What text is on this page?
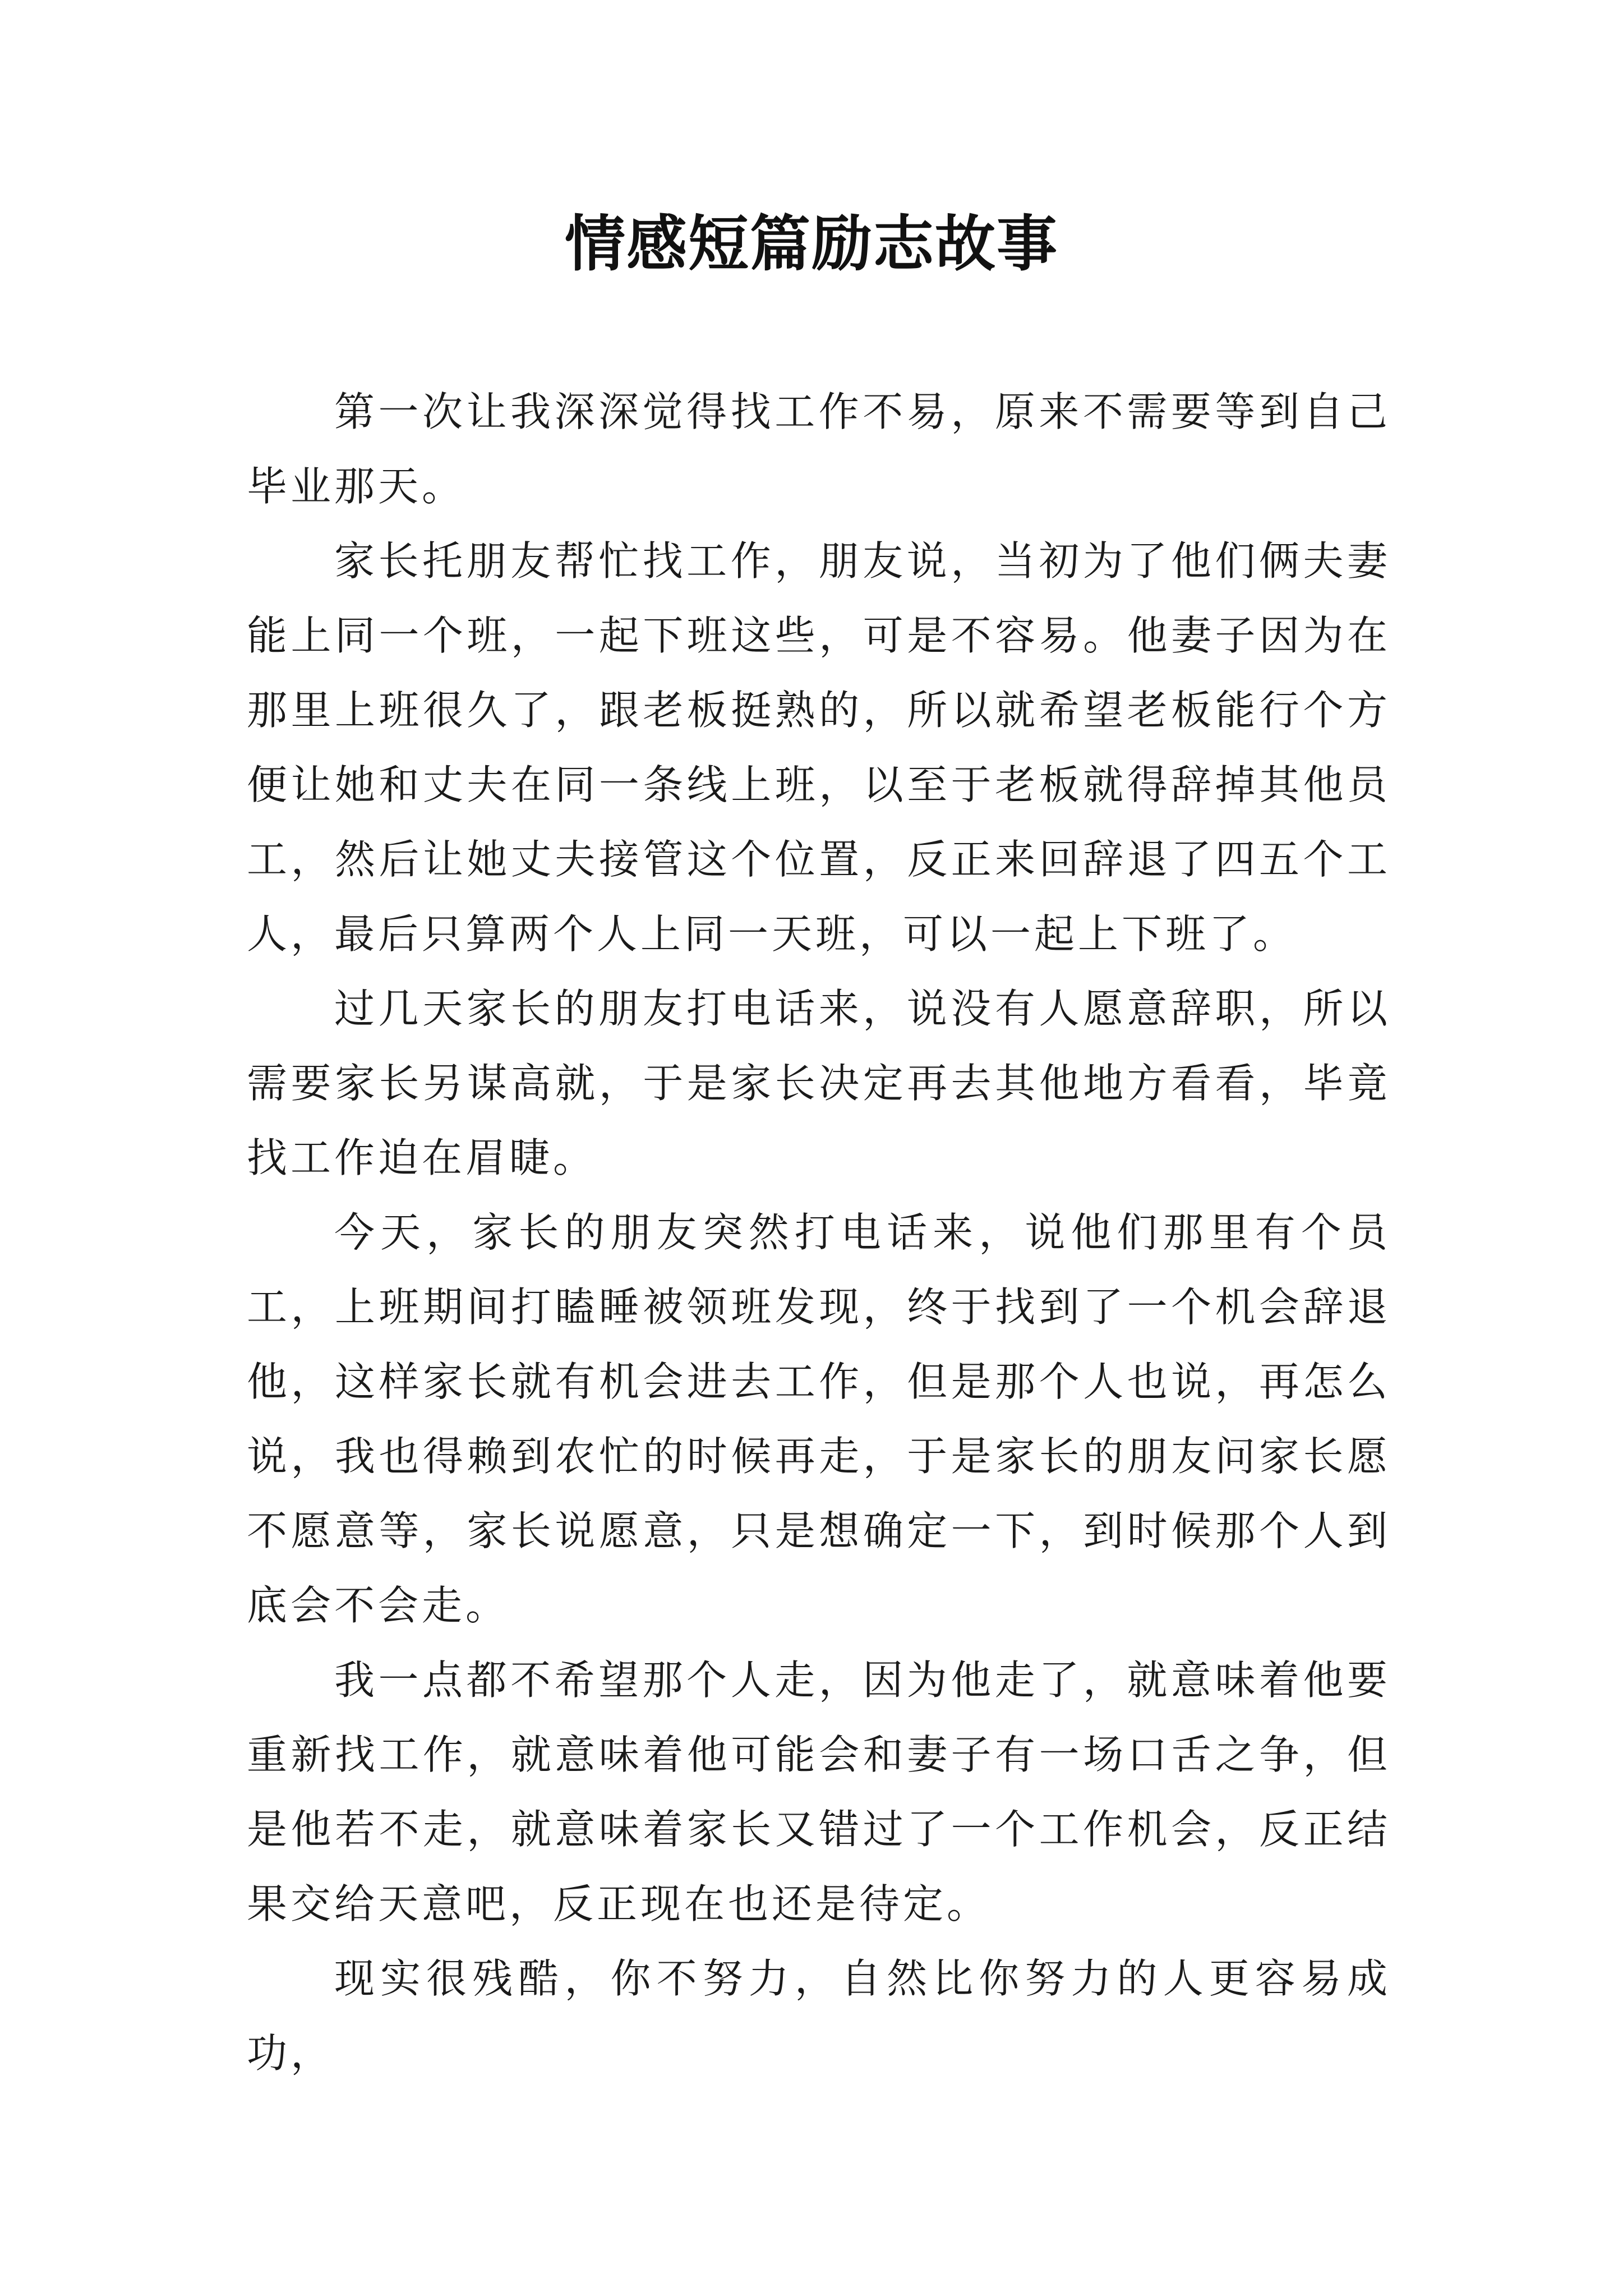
情感短篇励志故事

第一次让我深深觉得找工作不易，原来不需要等到自己毕业那天。

家长托朋友帮忙找工作，朋友说，当初为了他们俩夫妻能上同一个班，一起下班这些，可是不容易。他妻子因为在那里上班很久了，跟老板挺熟的，所以就希望老板能行个方便让她和丈夫在同一条线上班，以至于老板就得辞掉其他员工，然后让她丈夫接管这个位置，反正来回辞退了四五个工人，最后只算两个人上同一天班，可以一起上下班了。

过几天家长的朋友打电话来，说没有人愿意辞职，所以需要家长另谋高就，于是家长决定再去其他地方看看，毕竟找工作迫在眉睫。

今天，家长的朋友突然打电话来，说他们那里有个员工，上班期间打瞌睡被领班发现，终于找到了一个机会辞退他，这样家长就有机会进去工作，但是那个人也说，再怎么说，我也得赖到农忙的时候再走，于是家长的朋友问家长愿不愿意等，家长说愿意，只是想确定一下，到时候那个人到底会不会走。

我一点都不希望那个人走，因为他走了，就意味着他要重新找工作，就意味着他可能会和妻子有一场口舌之争，但是他若不走，就意味着家长又错过了一个工作机会，反正结果交给天意吧，反正现在也还是待定。

现实很残酷，你不努力，自然比你努力的人更容易成功，
